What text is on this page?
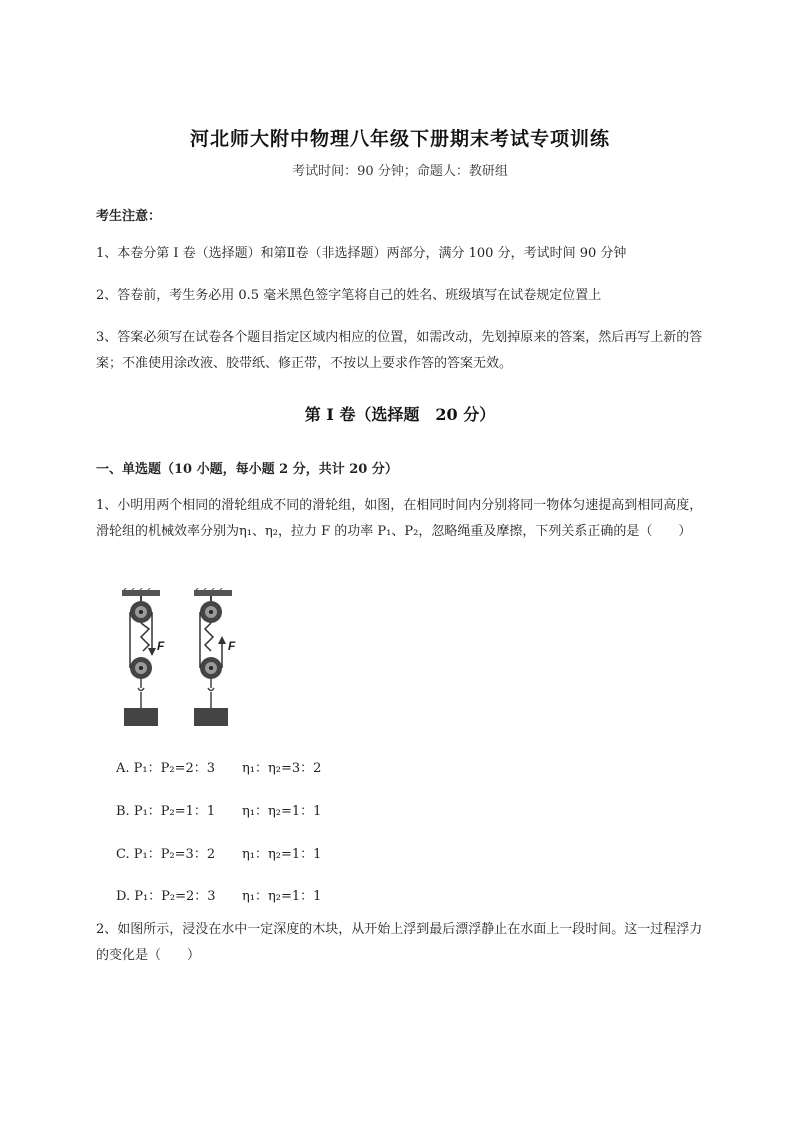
河北师大附中物理八年级下册期末考试专项训练
考试时间：90 分钟；命题人：教研组
考生注意：
1、本卷分第 I 卷（选择题）和第Ⅱ卷（非选择题）两部分，满分 100 分，考试时间 90 分钟
2、答卷前，考生务必用 0.5 毫米黑色签字笔将自己的姓名、班级填写在试卷规定位置上
3、答案必须写在试卷各个题目指定区域内相应的位置，如需改动，先划掉原来的答案，然后再写上新的答案；不准使用涂改液、胶带纸、修正带，不按以上要求作答的答案无效。
第 I 卷（选择题　20 分）
一、单选题（10 小题，每小题 2 分，共计 20 分）
1、小明用两个相同的滑轮组成不同的滑轮组，如图，在相同时间内分别将同一物体匀速提高到相同高度，滑轮组的机械效率分别为η₁、η₂，拉力 F 的功率 P₁、P₂，忽略绳重及摩擦，下列关系正确的是（　　）
F	F
A. P₁：P₂=2：3 η₁：η₂=3：2
B. P₁：P₂=1：1 η₁：η₂=1：1
C. P₁：P₂=3：2 η₁：η₂=1：1
D. P₁：P₂=2：3 η₁：η₂=1：1
2、如图所示，浸没在水中一定深度的木块，从开始上浮到最后漂浮静止在水面上一段时间。这一过程浮力的变化是（　　）
